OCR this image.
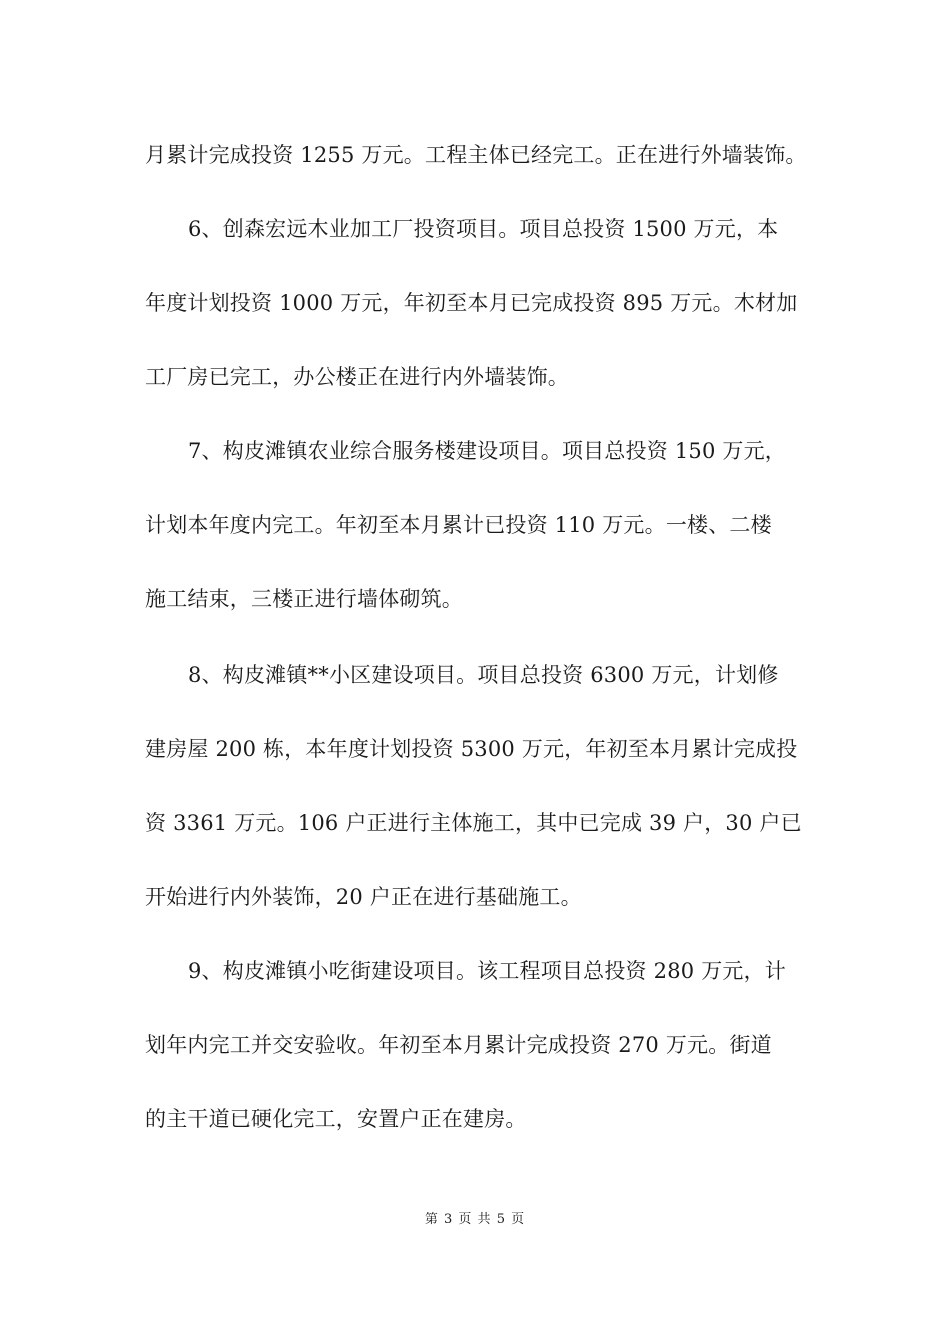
月累计完成投资 1255 万元。工程主体已经完工。正在进行外墙装饰。
6、创森宏远木业加工厂投资项目。项目总投资 1500 万元，本
年度计划投资 1000 万元，年初至本月已完成投资 895 万元。木材加
工厂房已完工，办公楼正在进行内外墙装饰。
7、构皮滩镇农业综合服务楼建设项目。项目总投资 150 万元，
计划本年度内完工。年初至本月累计已投资 110 万元。一楼、二楼
施工结束，三楼正进行墙体砌筑。
8、构皮滩镇**小区建设项目。项目总投资 6300 万元，计划修
建房屋 200 栋，本年度计划投资 5300 万元，年初至本月累计完成投
资 3361 万元。106 户正进行主体施工，其中已完成 39 户，30 户已
开始进行内外装饰，20 户正在进行基础施工。
9、构皮滩镇小吃街建设项目。该工程项目总投资 280 万元，计
划年内完工并交安验收。年初至本月累计完成投资 270 万元。街道
的主干道已硬化完工，安置户正在建房。
第 3 页 共 5 页
